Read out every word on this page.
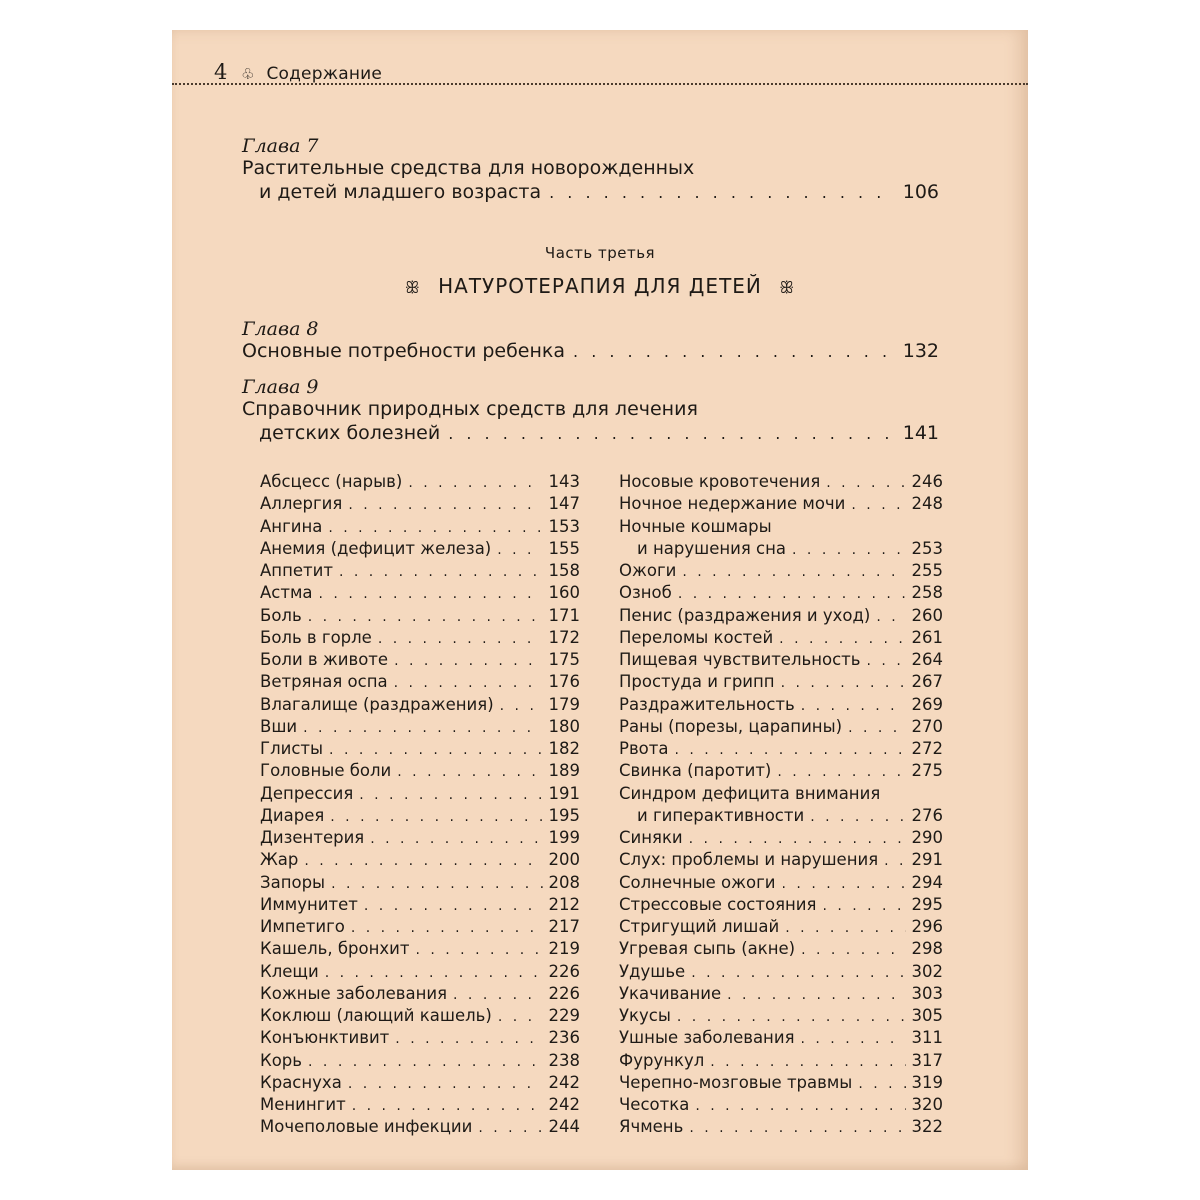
4 ♧ Содержание
Глава 7
Растительные средства для новорожденных
и детей младшего возраста . . .	106
Часть третья
ꕥ НАТУРОТЕРАПИЯ ДЛЯ ДЕТЕЙ ꕥ
Глава 8
Основные потребности ребенка . . .	132
Глава 9
Справочник природных средств для лечения
детских болезней . . .	141
Абсцесс (нарыв) . . .	143
Аллергия . . .	147
Ангина . . .	153
Анемия (дефицит железа) . . .	155
Аппетит . . .	158
Астма . . .	160
Боль . . .	171
Боль в горле . . .	172
Боли в животе . . .	175
Ветряная оспа . . .	176
Влагалище (раздражения) . . .	179
Вши . . .	180
Глисты . . .	182
Головные боли . . .	189
Депрессия . . .	191
Диарея . . .	195
Дизентерия . . .	199
Жар . . .	200
Запоры . . .	208
Иммунитет . . .	212
Импетиго . . .	217
Кашель, бронхит . . .	219
Клещи . . .	226
Кожные заболевания . . .	226
Коклюш (лающий кашель) . . .	229
Конъюнктивит . . .	236
Корь . . .	238
Краснуха . . .	242
Менингит . . .	242
Мочеполовые инфекции . . .	244
Носовые кровотечения . . .	246
Ночное недержание мочи . . .	248
Ночные кошмары
и нарушения сна . . .	253
Ожоги . . .	255
Озноб . . .	258
Пенис (раздражения и уход) . . . 260
Переломы костей . . .	261
Пищевая чувствительность . . .	264
Простуда и грипп . . .	267
Раздражительность . . .	269
Раны (порезы, царапины) . . .	270
Рвота . . .	272
Свинка (паротит) . . .	275
Синдром дефицита внимания
и гиперактивности . . .	276
Синяки . . .	290
Слух: проблемы и нарушения . . . 291
Солнечные ожоги . . .	294
Стрессовые состояния . . .	295
Стригущий лишай . . .	296
Угревая сыпь (акне) . . .	298
Удушье . . .	302
Укачивание . . .	303
Укусы . . .	305
Ушные заболевания . . .	311
Фурункул . . .	317
Черепно-мозговые травмы . . .	319
Чесотка . . .	320
Ячмень . . .	322
